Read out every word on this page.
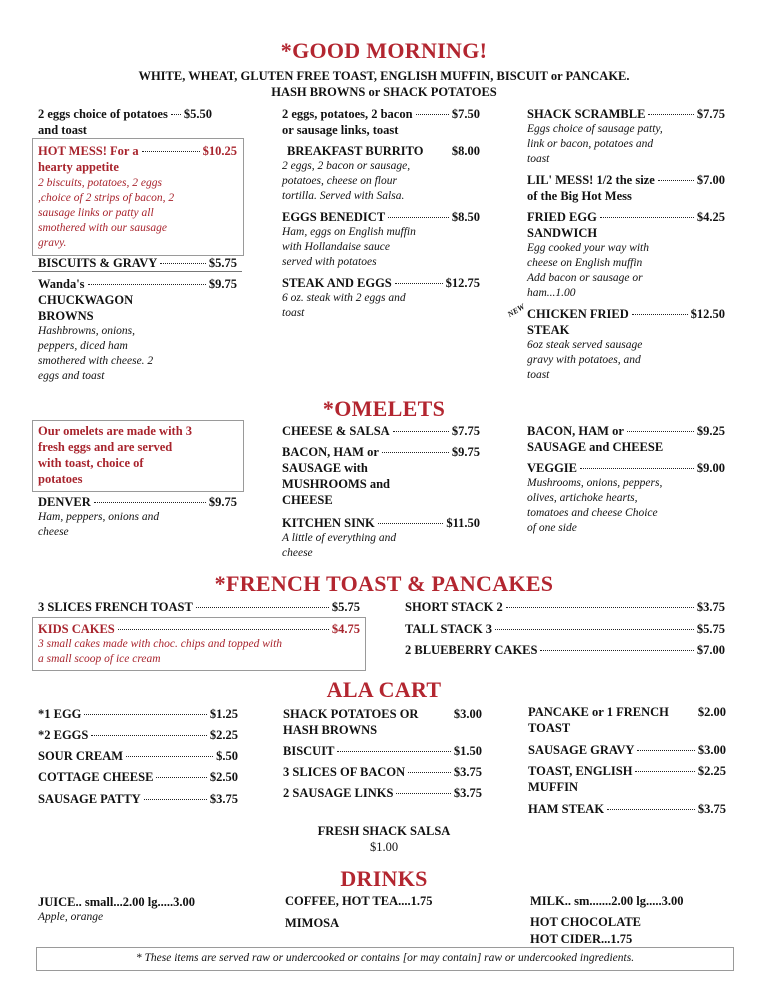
*GOOD MORNING!
WHITE, WHEAT, GLUTEN FREE TOAST, ENGLISH MUFFIN, BISCUIT or PANCAKE.
HASH BROWNS or SHACK POTATOES
2 eggs choice of potatoes $5.50
and toast
HOT MESS! For a	$10.25
hearty appetite
2 biscuits, potatoes, 2 eggs
,choice of 2 strips of bacon, 2
sausage links or patty all
smothered with our sausage
gravy.
BISCUITS & GRAVY	$5.75
Wanda's	$9.75
CHUCKWAGON
BROWNS
Hashbrowns, onions,
peppers, diced ham
smothered with cheese. 2
eggs and toast
2 eggs, potatoes, 2 bacon	$7.50
or sausage links, toast
BREAKFAST BURRITO $8.00
2 eggs, 2 bacon or sausage,
potatoes, cheese on flour
tortilla. Served with Salsa.
EGGS BENEDICT	$8.50
Ham, eggs on English muffin
with Hollandaise sauce
served with potatoes
STEAK AND EGGS	$12.75
6 oz. steak with 2 eggs and
toast
SHACK SCRAMBLE	$7.75
Eggs choice of sausage patty,
link or bacon, potatoes and
toast
LIL' MESS! 1/2 the size	$7.00
of the Big Hot Mess
FRIED EGG	$4.25
SANDWICH
Egg cooked your way with
cheese on English muffin
Add bacon or sausage or
ham...1.00
NEW CHICKEN FRIED	$12.50
STEAK
6oz steak served sausage
gravy with potatoes, and
toast
*OMELETS
Our omelets are made with 3
fresh eggs and are served
with toast, choice of
potatoes
DENVER	$9.75
Ham, peppers, onions and
cheese
CHEESE & SALSA	$7.75
BACON, HAM or	$9.75
SAUSAGE with
MUSHROOMS and
CHEESE
KITCHEN SINK	$11.50
A little of everything and
cheese
BACON, HAM or	$9.25
SAUSAGE and CHEESE
VEGGIE	$9.00
Mushrooms, onions, peppers,
olives, artichoke hearts,
tomatoes and cheese Choice
of one side
*FRENCH TOAST & PANCAKES
3 SLICES FRENCH TOAST	$5.75
KIDS CAKES	$4.75
3 small cakes made with choc. chips and topped with
a small scoop of ice cream
SHORT STACK 2	$3.75
TALL STACK 3	$5.75
2 BLUEBERRY CAKES	$7.00
ALA CART
*1 EGG	$1.25
*2 EGGS	$2.25
SOUR CREAM	$.50
COTTAGE CHEESE	$2.50
SAUSAGE PATTY	$3.75
SHACK POTATOES OR	$3.00
HASH BROWNS
BISCUIT	$1.50
3 SLICES OF BACON	$3.75
2 SAUSAGE LINKS	$3.75
PANCAKE or 1 FRENCH $2.00
TOAST
SAUSAGE GRAVY	$3.00
TOAST, ENGLISH	$2.25
MUFFIN
HAM STEAK	$3.75
FRESH SHACK SALSA
$1.00
DRINKS
JUICE.. small...2.00 lg.....3.00
Apple, orange
COFFEE, HOT TEA....1.75
MIMOSA
MILK.. sm.......2.00 lg.....3.00
HOT CHOCOLATE
HOT CIDER...1.75
* These items are served raw or undercooked or contains [or may contain] raw or undercooked ingredients.
